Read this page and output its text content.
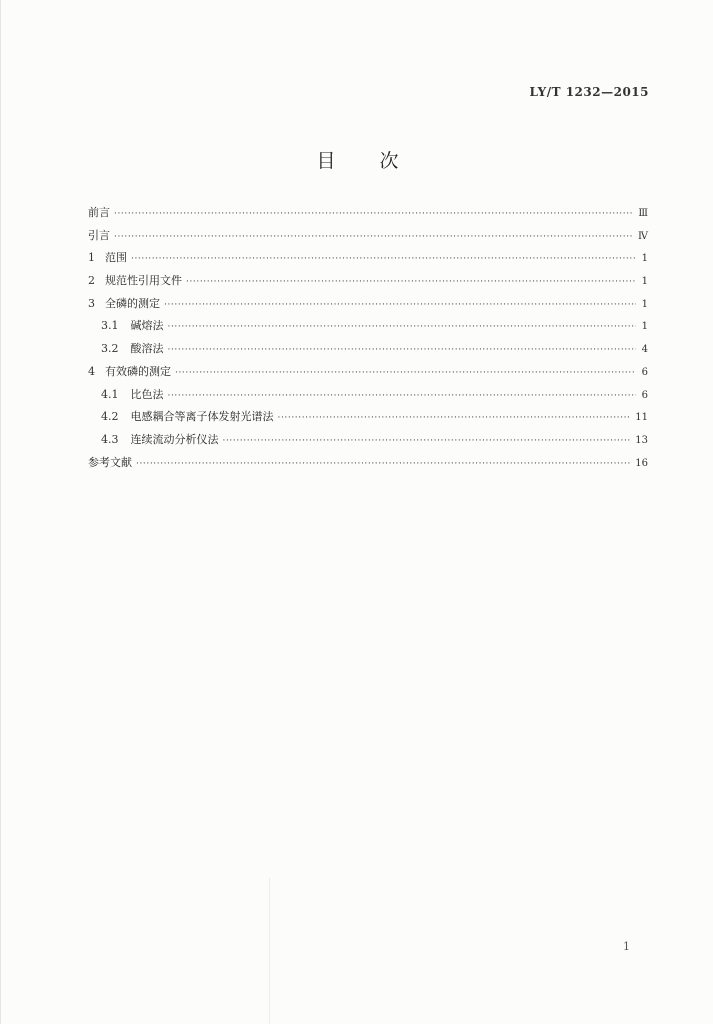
LY/T 1232—2015
目 次
前言 ·····	Ⅲ
引言 ·····	Ⅳ
1 范围 ·····	1
2 规范性引用文件 ·····	1
3 全磷的测定 ·····	1
3.1 碱熔法 ·····	1
3.2 酸溶法 ·····	4
4 有效磷的测定 ·····	6
4.1 比色法 ·····	6
4.2 电感耦合等离子体发射光谱法 ·····	11
4.3 连续流动分析仪法 ·····	13
参考文献 ·····	16
1
